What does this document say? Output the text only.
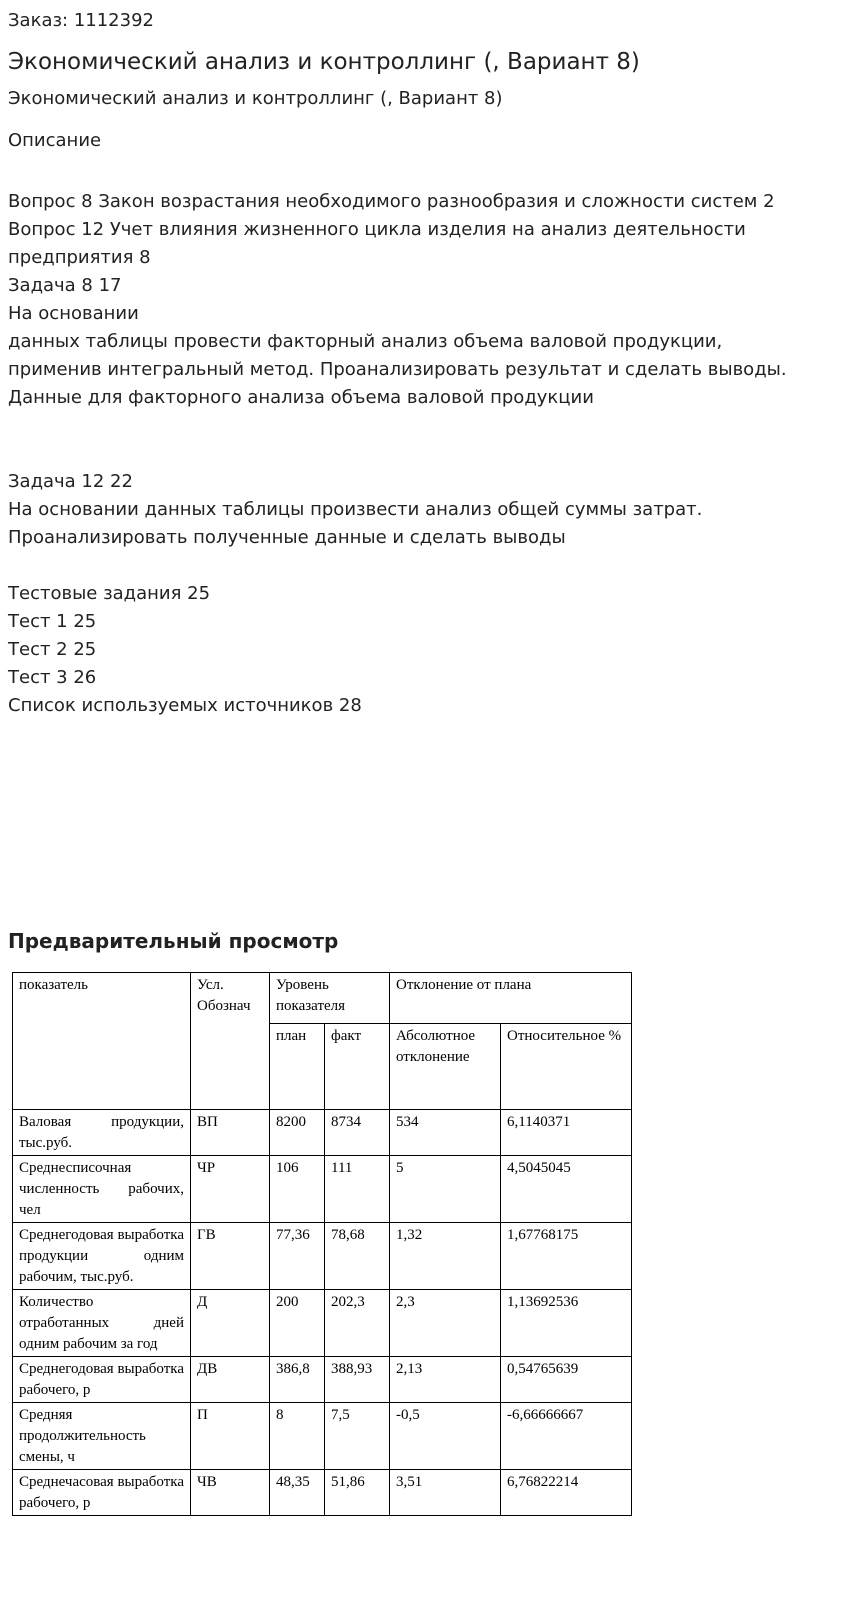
Заказ: 1112392
Экономический анализ и контроллинг (, Вариант 8)
Экономический анализ и контроллинг (, Вариант 8)
Описание
Вопрос 8 Закон возрастания необходимого разнообразия и сложности систем 2
Вопрос 12 Учет влияния жизненного цикла изделия на анализ деятельности
предприятия 8
Задача 8 17
На основании
данных таблицы провести факторный анализ объема валовой продукции,
применив интегральный метод. Проанализировать результат и сделать выводы.
Данные для факторного анализа объема валовой продукции
Задача 12 22
На основании данных таблицы произвести анализ общей суммы затрат.
Проанализировать полученные данные и сделать выводы
Тестовые задания 25
Тест 1 25
Тест 2 25
Тест 3 26
Список используемых источников 28
Предварительный просмотр
показатель	Усл. Обознач	Уровень показателя		Отклонение от плана	
		план	факт	Абсолютное отклонение	Относительное %
Валовая продукции, тыс.руб.	ВП	8200	8734	534	6,1140371
Среднесписочная численность рабочих, чел	ЧР	106	111	5	4,5045045
Среднегодовая выработка продукции одним рабочим, тыс.руб.	ГВ	77,36	78,68	1,32	1,67768175
Количество отработанных дней одним рабочим за год	Д	200	202,3	2,3	1,13692536
Среднегодовая выработка рабочего, р	ДВ	386,8	388,93	2,13	0,54765639
Средняя продолжительность смены, ч	П	8	7,5	-0,5	-6,66666667
Среднечасовая выработка рабочего, р	ЧВ	48,35	51,86	3,51	6,76822214
